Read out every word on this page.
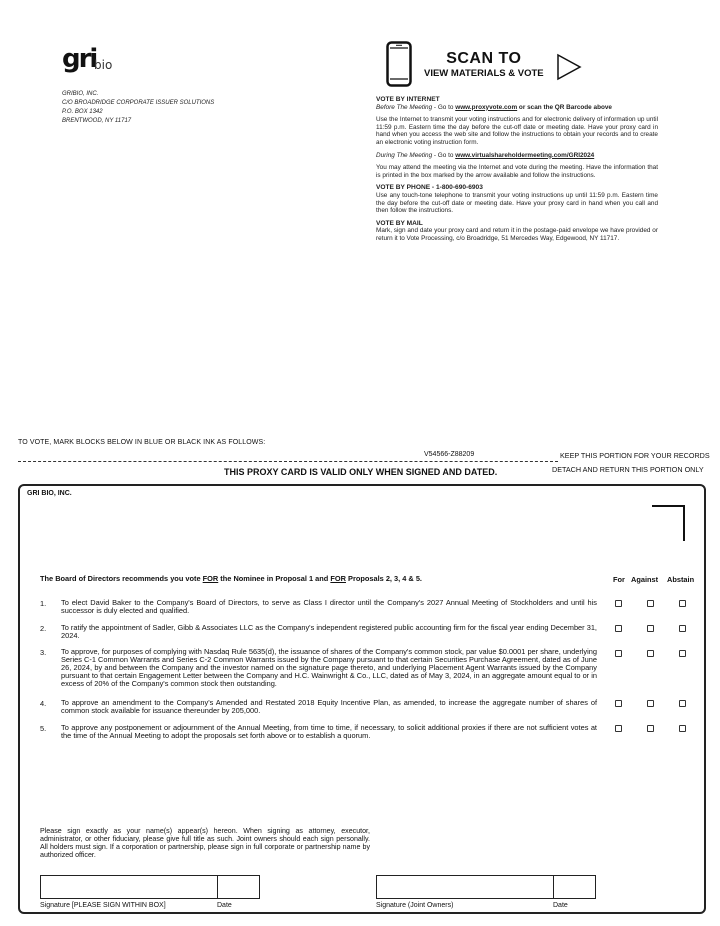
gri
bio
GRIBIO, INC.
C/O BROADRIDGE CORPORATE ISSUER SOLUTIONS
P.O. BOX 1342
BRENTWOOD, NY 11717
SCAN TO
VIEW MATERIALS & VOTE
VOTE BY INTERNET

Before The Meeting - Go to www.proxyvote.com or scan the QR Barcode above

Use the Internet to transmit your voting instructions and for electronic delivery of information up until 11:59 p.m. Eastern time the day before the cut-off date or meeting date. Have your proxy card in hand when you access the web site and follow the instructions to obtain your records and to create an electronic voting instruction form.

During The Meeting - Go to www.virtualshareholdermeeting.com/GRI2024

You may attend the meeting via the Internet and vote during the meeting. Have the information that is printed in the box marked by the arrow available and follow the instructions.

VOTE BY PHONE - 1-800-690-6903

Use any touch-tone telephone to transmit your voting instructions up until 11:59 p.m. Eastern time the day before the cut-off date or meeting date. Have your proxy card in hand when you call and then follow the instructions.

VOTE BY MAIL

Mark, sign and date your proxy card and return it in the postage-paid envelope we have provided or return it to Vote Processing, c/o Broadridge, 51 Mercedes Way, Edgewood, NY 11717.

TO VOTE, MARK BLOCKS BELOW IN BLUE OR BLACK INK AS FOLLOWS:
V54566-Z88209	KEEP THIS PORTION FOR YOUR RECORDS
DETACH AND RETURN THIS PORTION ONLY
THIS PROXY CARD IS VALID ONLY WHEN SIGNED AND DATED.
GRI BIO, INC.
The Board of Directors recommends you vote FOR the Nominee in Proposal 1 and FOR Proposals 2, 3, 4 & 5.	For Against Abstain
1. To elect David Baker to the Company's Board of Directors, to serve as Class I director until the Company's 2027 Annual Meeting of Stockholders and until his successor is duly elected and qualified.
2. To ratify the appointment of Sadler, Gibb & Associates LLC as the Company's independent registered public accounting firm for the fiscal year ending December 31, 2024.
3. To approve, for purposes of complying with Nasdaq Rule 5635(d), the issuance of shares of the Company's common stock, par value $0.0001 per share, underlying Series C-1 Common Warrants and Series C-2 Common Warrants issued by the Company pursuant to that certain Securities Purchase Agreement, dated as of June 26, 2024, by and between the Company and the investor named on the signature page thereto, and underlying Placement Agent Warrants issued by the Company pursuant to that certain Engagement Letter between the Company and H.C. Wainwright & Co., LLC, dated as of May 3, 2024, in an aggregate amount equal to or in excess of 20% of the Company's common stock then outstanding.
4. To approve an amendment to the Company's Amended and Restated 2018 Equity Incentive Plan, as amended, to increase the aggregate number of shares of common stock available for issuance thereunder by 205,000.
5. To approve any postponement or adjournment of the Annual Meeting, from time to time, if necessary, to solicit additional proxies if there are not sufficient votes at the time of the Annual Meeting to adopt the proposals set forth above or to establish a quorum.
Please sign exactly as your name(s) appear(s) hereon. When signing as attorney, executor, administrator, or other fiduciary, please give full title as such. Joint owners should each sign personally. All holders must sign. If a corporation or partnership, please sign in full corporate or partnership name by authorized officer.
Signature [PLEASE SIGN WITHIN BOX]	Date	Signature (Joint Owners)	Date
